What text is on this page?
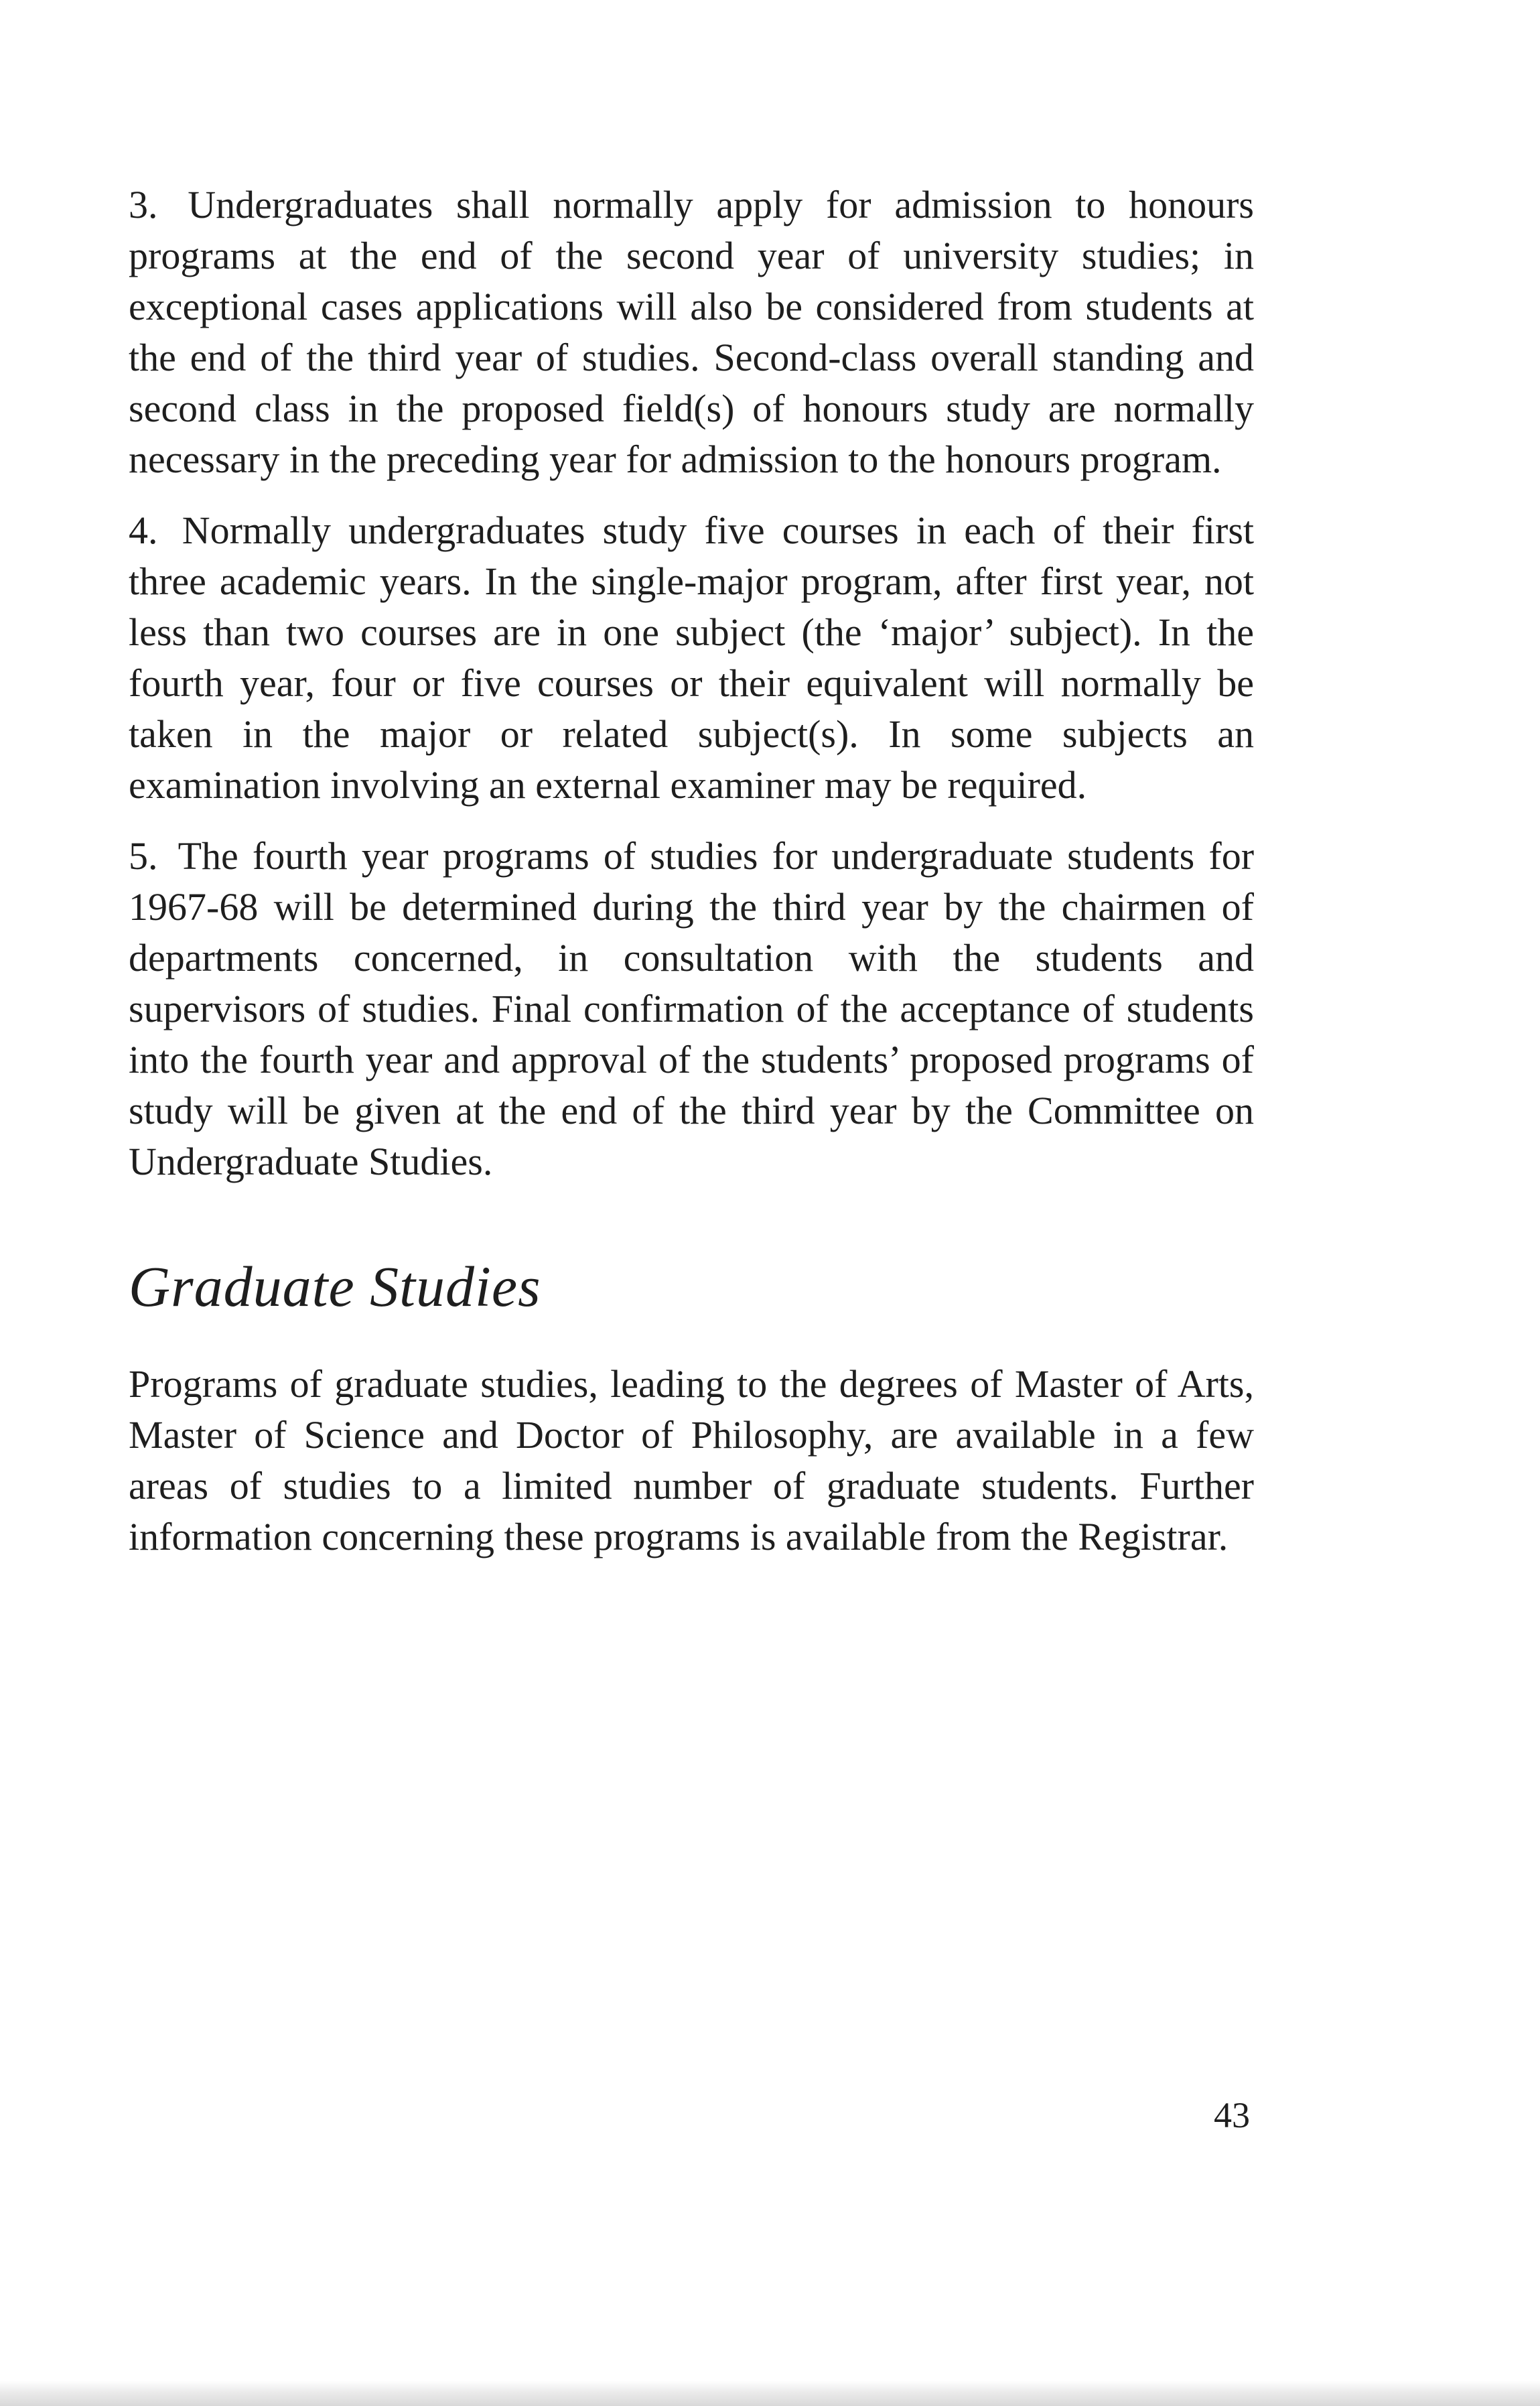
3. Undergraduates shall normally apply for admission to honours programs at the end of the second year of university studies; in exceptional cases applications will also be considered from students at the end of the third year of studies. Second-class overall standing and second class in the proposed field(s) of honours study are normally necessary in the preceding year for admission to the honours program.

4. Normally undergraduates study five courses in each of their first three academic years. In the single-major program, after first year, not less than two courses are in one subject (the ‘major’ subject). In the fourth year, four or five courses or their equivalent will normally be taken in the major or related subject(s). In some subjects an examination involving an external examiner may be required.

5. The fourth year programs of studies for undergraduate students for 1967-68 will be determined during the third year by the chairmen of departments concerned, in consultation with the students and supervisors of studies. Final confirmation of the acceptance of students into the fourth year and approval of the students’ proposed programs of study will be given at the end of the third year by the Committee on Undergraduate Studies.

Graduate Studies

Programs of graduate studies, leading to the degrees of Master of Arts, Master of Science and Doctor of Philosophy, are available in a few areas of studies to a limited number of graduate students. Further information concerning these programs is available from the Registrar.

43
